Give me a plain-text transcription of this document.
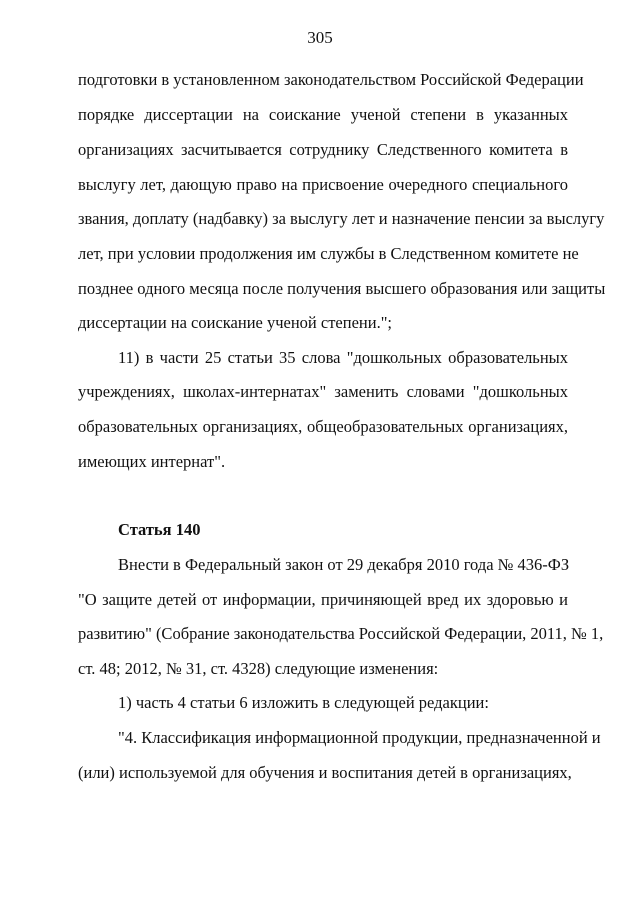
305
подготовки в установленном законодательством Российской Федерации
порядке диссертации на соискание ученой степени в указанных
организациях засчитывается сотруднику Следственного комитета в
выслугу лет, дающую право на присвоение очередного специального
звания, доплату (надбавку) за выслугу лет и назначение пенсии за выслугу
лет, при условии продолжения им службы в Следственном комитете не
позднее одного месяца после получения высшего образования или защиты
диссертации на соискание ученой степени.";
11) в части 25 статьи 35 слова "дошкольных образовательных
учреждениях, школах-интернатах" заменить словами "дошкольных
образовательных организациях, общеобразовательных организациях,
имеющих интернат".
Статья 140
Внести в Федеральный закон от 29 декабря 2010 года № 436-ФЗ
"О защите детей от информации, причиняющей вред их здоровью и
развитию" (Собрание законодательства Российской Федерации, 2011, № 1,
ст. 48; 2012, № 31, ст. 4328) следующие изменения:
1) часть 4 статьи 6 изложить в следующей редакции:
"4. Классификация информационной продукции, предназначенной и
(или) используемой для обучения и воспитания детей в организациях,
